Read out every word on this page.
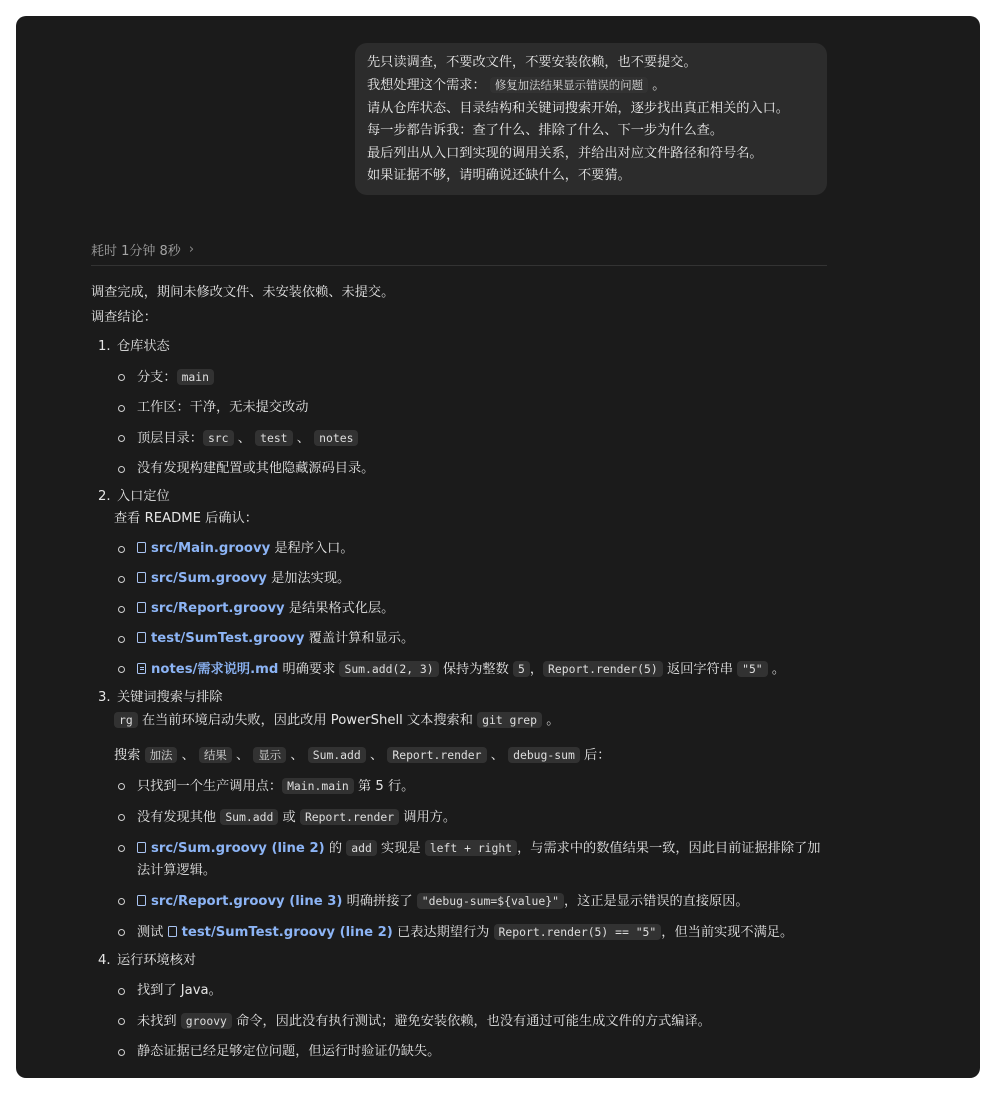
先只读调查，不要改文件，不要安装依赖，也不要提交。
我想处理这个需求： 修复加法结果显示错误的问题 。
请从仓库状态、目录结构和关键词搜索开始，逐步找出真正相关的入口。
每一步都告诉我：查了什么、排除了什么、下一步为什么查。
最后列出从入口到实现的调用关系，并给出对应文件路径和符号名。
如果证据不够，请明确说还缺什么，不要猜。
耗时 1分钟 8秒 ›
调查完成，期间未修改文件、未安装依赖、未提交。
调查结论：
1. 仓库状态
分支： main
工作区：干净，无未提交改动
顶层目录： src 、 test 、 notes
没有发现构建配置或其他隐藏源码目录。
2. 入口定位
查看 README 后确认：
src/Main.groovy 是程序入口。
src/Sum.groovy 是加法实现。
src/Report.groovy 是结果格式化层。
test/SumTest.groovy 覆盖计算和显示。
notes/需求说明.md 明确要求 Sum.add(2, 3) 保持为整数 5 ， Report.render(5) 返回字符串 "5" 。
3. 关键词搜索与排除
rg 在当前环境启动失败，因此改用 PowerShell 文本搜索和 git grep 。
搜索 加法 、 结果 、 显示 、 Sum.add 、 Report.render 、 debug-sum 后：
只找到一个生产调用点： Main.main 第 5 行。
没有发现其他 Sum.add 或 Report.render 调用方。
src/Sum.groovy (line 2) 的 add 实现是 left + right ，与需求中的数值结果一致，因此目前证据排除了加法计算逻辑。
src/Report.groovy (line 3) 明确拼接了 "debug-sum=${value}" ，这正是显示错误的直接原因。
测试 test/SumTest.groovy (line 2) 已表达期望行为 Report.render(5) == "5" ，但当前实现不满足。
4. 运行环境核对
找到了 Java。
未找到 groovy 命令，因此没有执行测试；避免安装依赖，也没有通过可能生成文件的方式编译。
静态证据已经足够定位问题，但运行时验证仍缺失。
